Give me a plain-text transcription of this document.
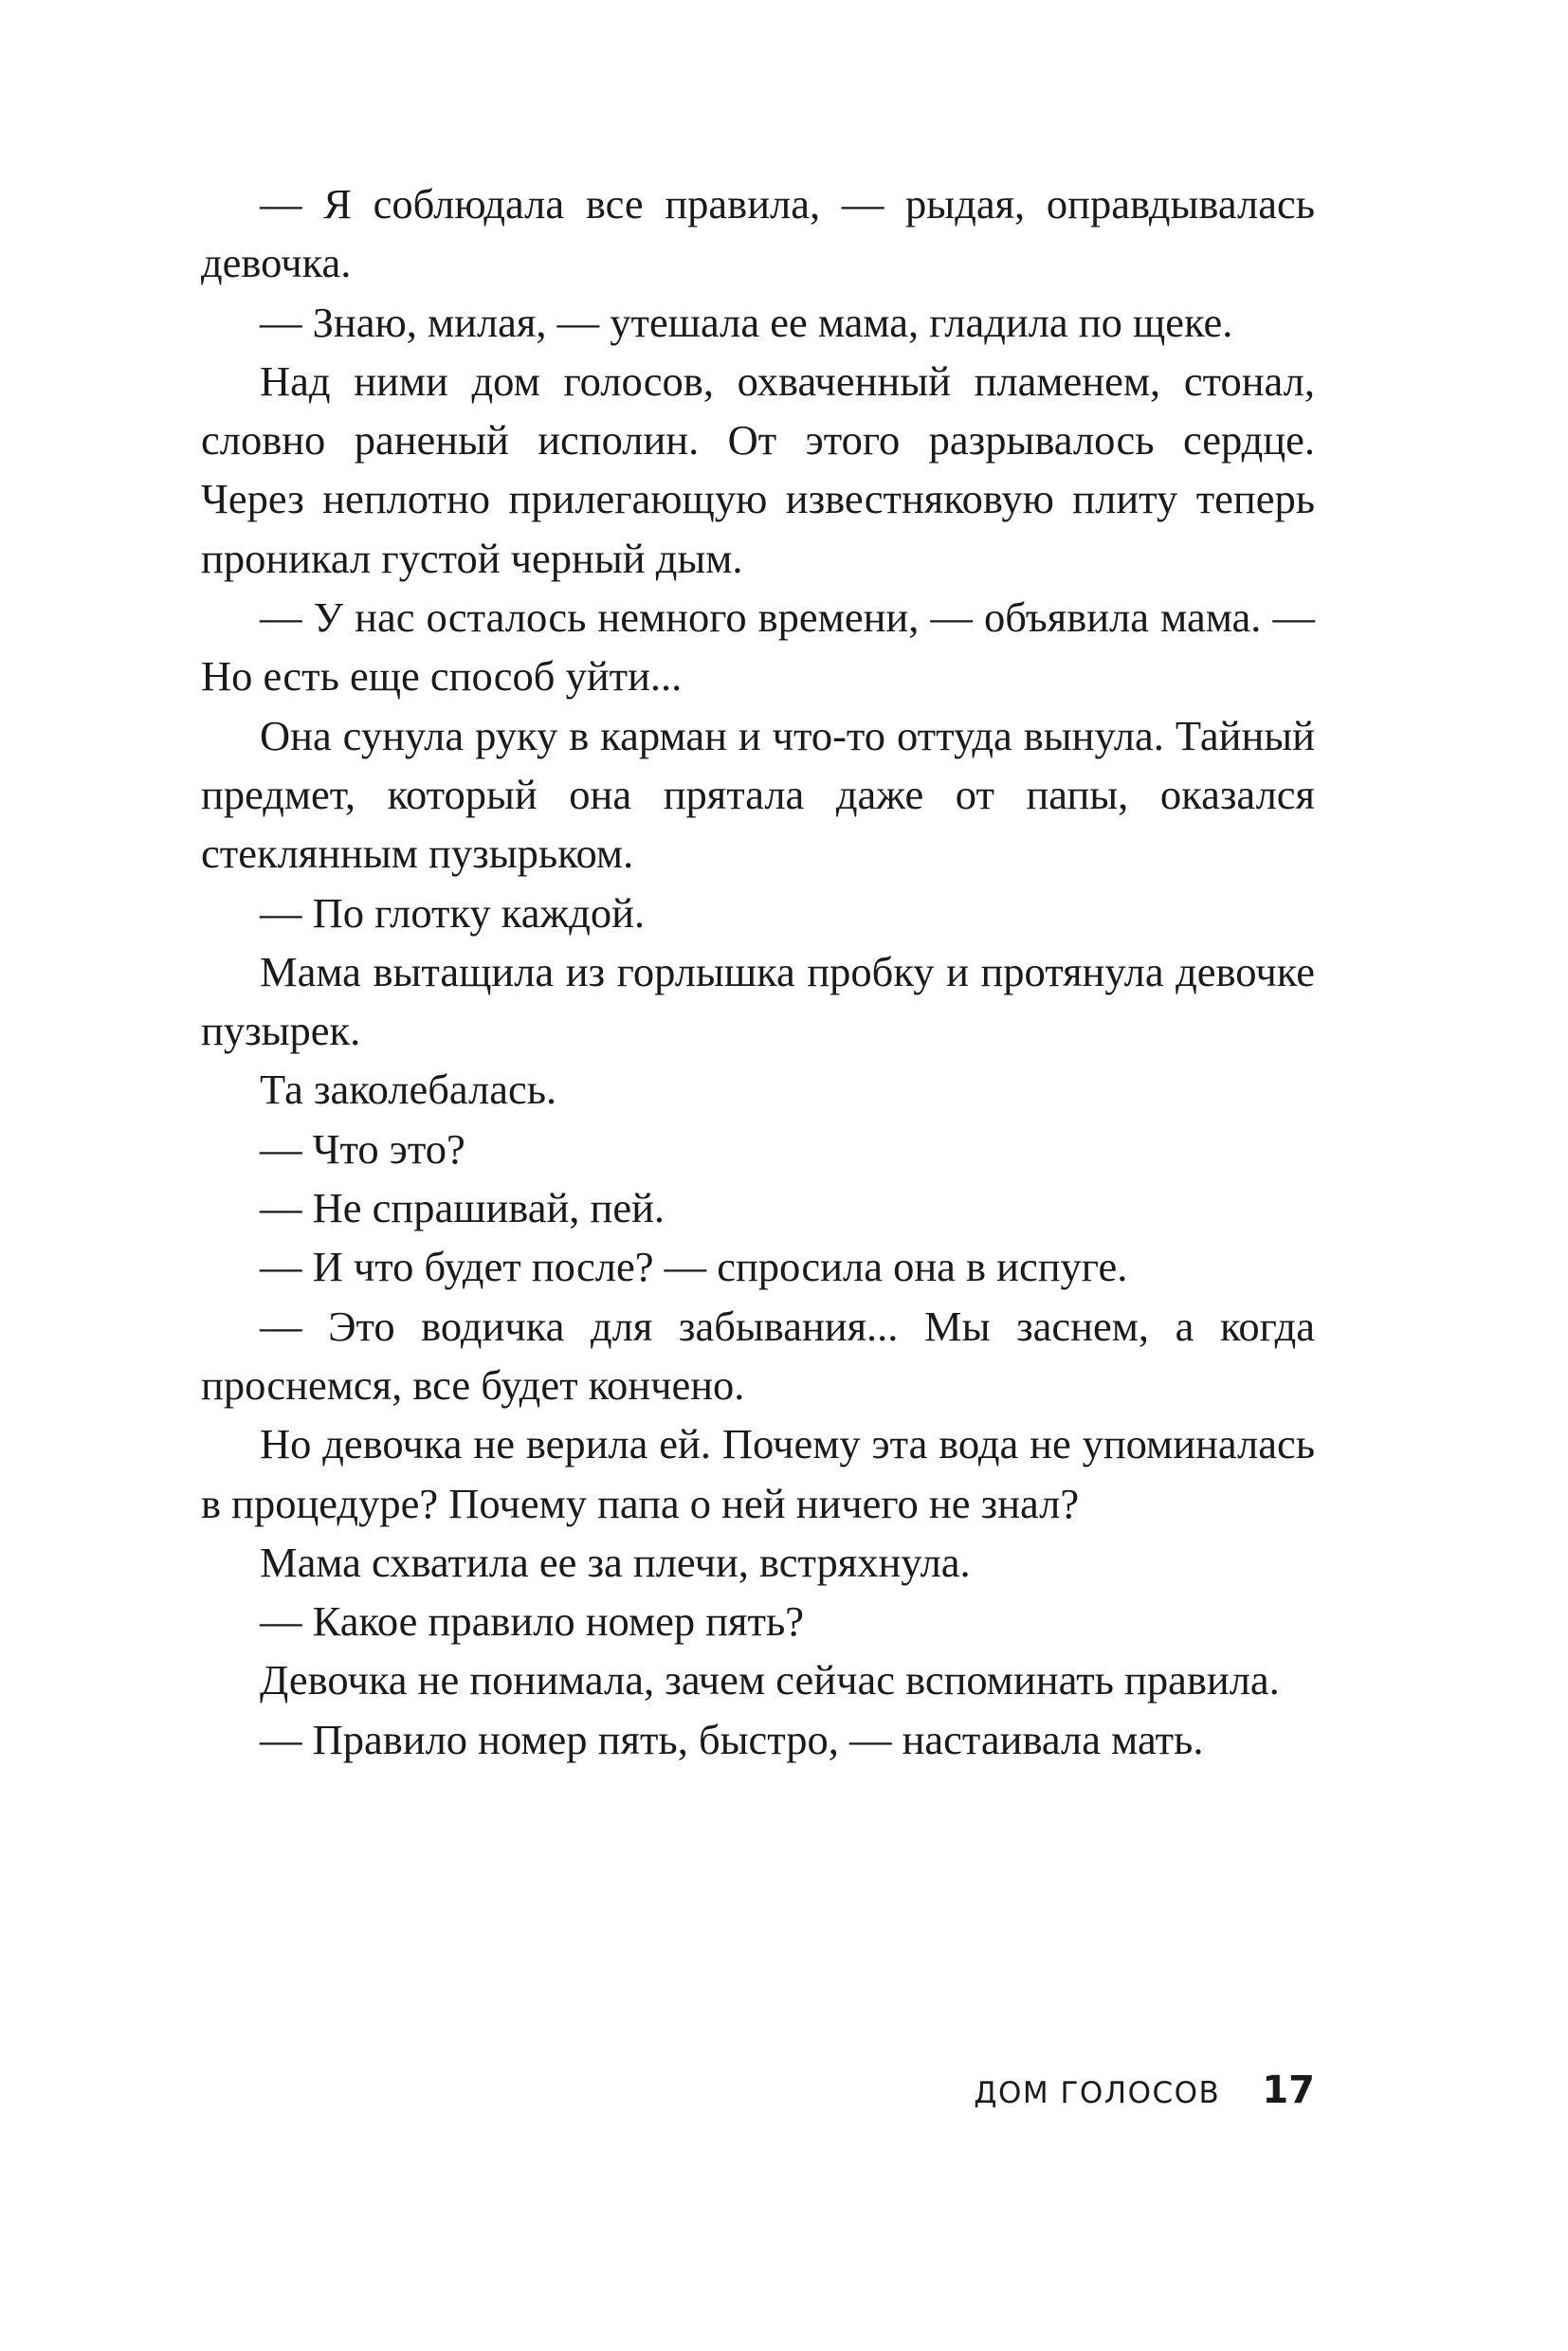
— Я соблюдала все правила, — рыдая, оправдывалась девочка.

— Знаю, милая, — утешала ее мама, гладила по щеке.

Над ними дом голосов, охваченный пламенем, стонал, словно раненый исполин. От этого разрывалось сердце. Через неплотно прилегающую известняковую плиту теперь проникал густой черный дым.

— У нас осталось немного времени, — объявила мама. — Но есть еще способ уйти...

Она сунула руку в карман и что-то оттуда вынула. Тайный предмет, который она прятала даже от папы, оказался стеклянным пузырьком.

— По глотку каждой.

Мама вытащила из горлышка пробку и протянула девочке пузырек.

Та заколебалась.

— Что это?

— Не спрашивай, пей.

— И что будет после? — спросила она в испуге.

— Это водичка для забывания... Мы заснем, а когда проснемся, все будет кончено.

Но девочка не верила ей. Почему эта вода не упоминалась в процедуре? Почему папа о ней ничего не знал?

Мама схватила ее за плечи, встряхнула.

— Какое правило номер пять?

Девочка не понимала, зачем сейчас вспоминать правила.

— Правило номер пять, быстро, — настаивала мать.

ДОМ ГОЛОСОВ 17
